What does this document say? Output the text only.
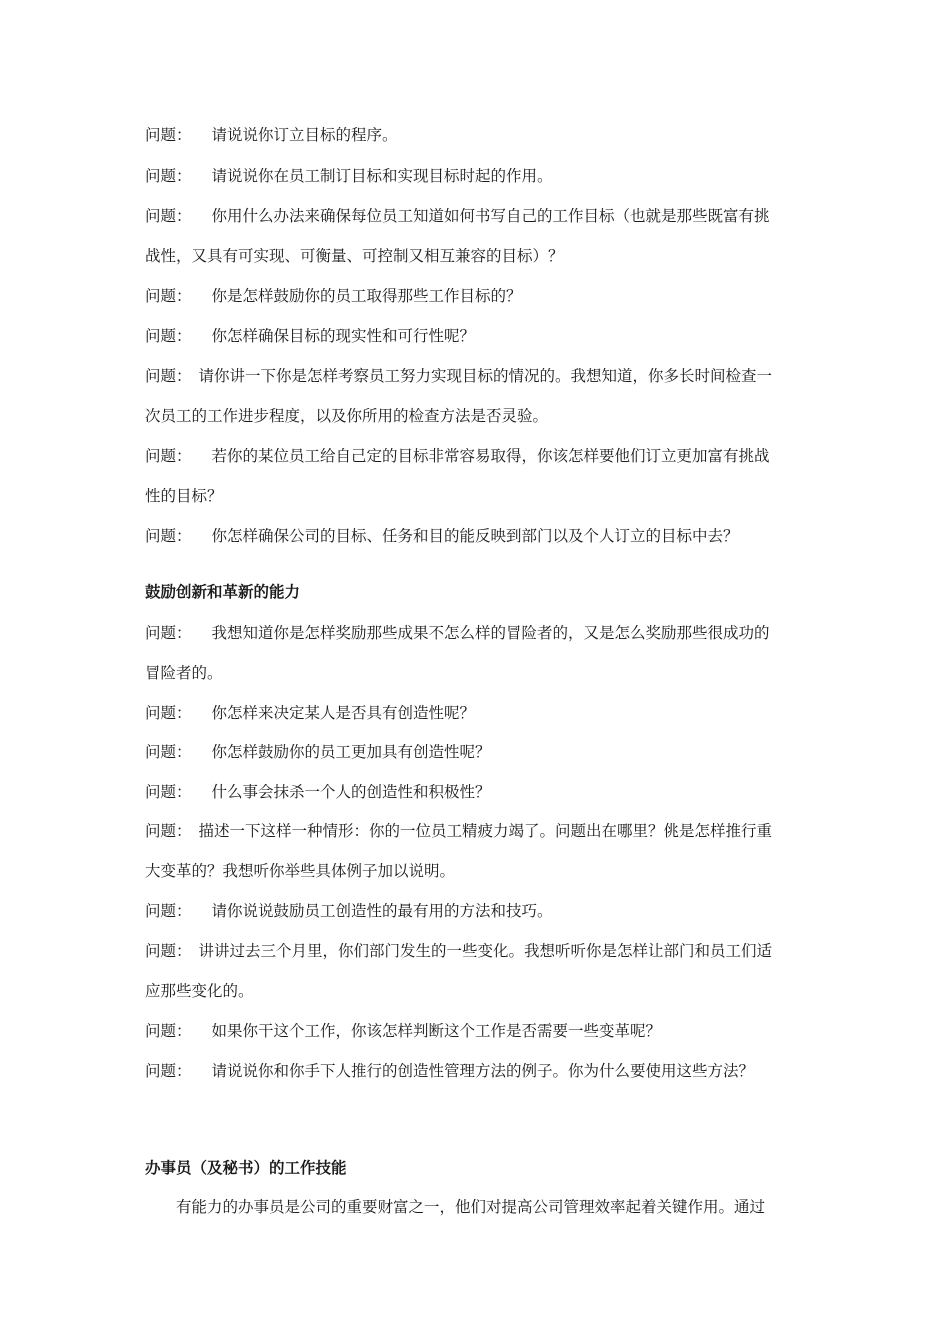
问题： 请说说你订立目标的程序。
问题： 请说说你在员工制订目标和实现目标时起的作用。
问题： 你用什么办法来确保每位员工知道如何书写自己的工作目标（也就是那些既富有挑
战性，又具有可实现、可衡量、可控制又相互兼容的目标）？
问题： 你是怎样鼓励你的员工取得那些工作目标的？
问题： 你怎样确保目标的现实性和可行性呢？
问题： 请你讲一下你是怎样考察员工努力实现目标的情况的。我想知道，你多长时间检查一
次员工的工作进步程度，以及你所用的检查方法是否灵验。
问题： 若你的某位员工给自己定的目标非常容易取得，你该怎样要他们订立更加富有挑战
性的目标？
问题： 你怎样确保公司的目标、任务和目的能反映到部门以及个人订立的目标中去？
鼓励创新和革新的能力
问题： 我想知道你是怎样奖励那些成果不怎么样的冒险者的，又是怎么奖励那些很成功的
冒险者的。
问题： 你怎样来决定某人是否具有创造性呢？
问题： 你怎样鼓励你的员工更加具有创造性呢？
问题： 什么事会抹杀一个人的创造性和积极性？
问题： 描述一下这样一种情形：你的一位员工精疲力竭了。问题出在哪里？佻是怎样推行重
大变革的？我想听你举些具体例子加以说明。
问题： 请你说说鼓励员工创造性的最有用的方法和技巧。
问题： 讲讲过去三个月里，你们部门发生的一些变化。我想听听你是怎样让部门和员工们适
应那些变化的。
问题： 如果你干这个工作，你该怎样判断这个工作是否需要一些变革呢？
问题： 请说说你和你手下人推行的创造性管理方法的例子。你为什么要使用这些方法？
办事员（及秘书）的工作技能
有能力的办事员是公司的重要财富之一，他们对提高公司管理效率起着关键作用。通过
